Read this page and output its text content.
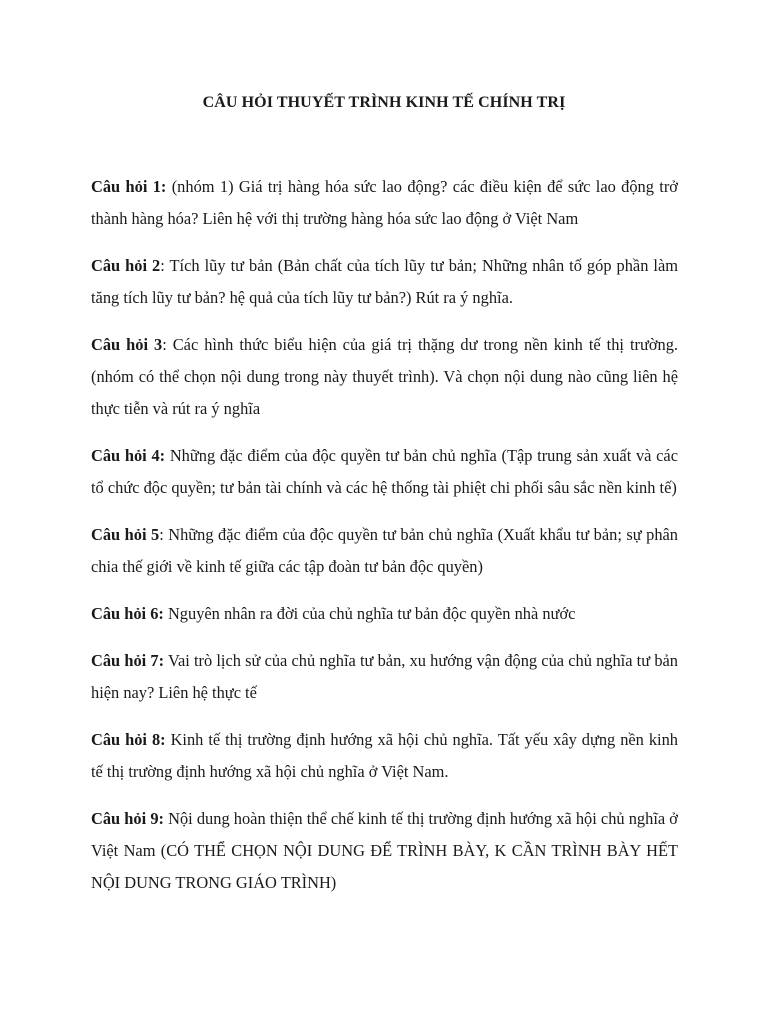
CÂU HỎI THUYẾT TRÌNH KINH TẾ CHÍNH TRỊ
Câu hỏi 1: (nhóm 1) Giá trị hàng hóa sức lao động? các điều kiện để sức lao động trở thành hàng hóa? Liên hệ với thị trường hàng hóa sức lao động ở Việt Nam
Câu hỏi 2: Tích lũy tư bản (Bản chất của tích lũy tư bản; Những nhân tố góp phần làm tăng tích lũy tư bản? hệ quả của tích lũy tư bản?) Rút ra ý nghĩa.
Câu hỏi 3: Các hình thức biểu hiện của giá trị thặng dư trong nền kinh tế thị trường. (nhóm có thể chọn nội dung trong này thuyết trình). Và chọn nội dung nào cũng liên hệ thực tiễn và rút ra ý nghĩa
Câu hỏi 4: Những đặc điểm của độc quyền tư bản chủ nghĩa (Tập trung sản xuất và các tổ chức độc quyền; tư bản tài chính và các hệ thống tài phiệt chi phối sâu sắc nền kinh tế)
Câu hỏi 5: Những đặc điểm của độc quyền tư bản chủ nghĩa (Xuất khẩu tư bản; sự phân chia thế giới về kinh tế giữa các tập đoàn tư bản độc quyền)
Câu hỏi 6: Nguyên nhân ra đời của chủ nghĩa tư bản độc quyền nhà nước
Câu hỏi 7: Vai trò lịch sử của chủ nghĩa tư bản, xu hướng vận động của chủ nghĩa tư bản hiện nay? Liên hệ thực tế
Câu hỏi 8: Kinh tế thị trường định hướng xã hội chủ nghĩa. Tất yếu xây dựng nền kinh tế thị trường định hướng xã hội chủ nghĩa ở Việt Nam.
Câu hỏi 9: Nội dung hoàn thiện thể chế kinh tế thị trường định hướng xã hội chủ nghĩa ở Việt Nam (CÓ THỂ CHỌN NỘI DUNG ĐỂ TRÌNH BÀY, K CẦN TRÌNH BÀY HẾT NỘI DUNG TRONG GIÁO TRÌNH)
